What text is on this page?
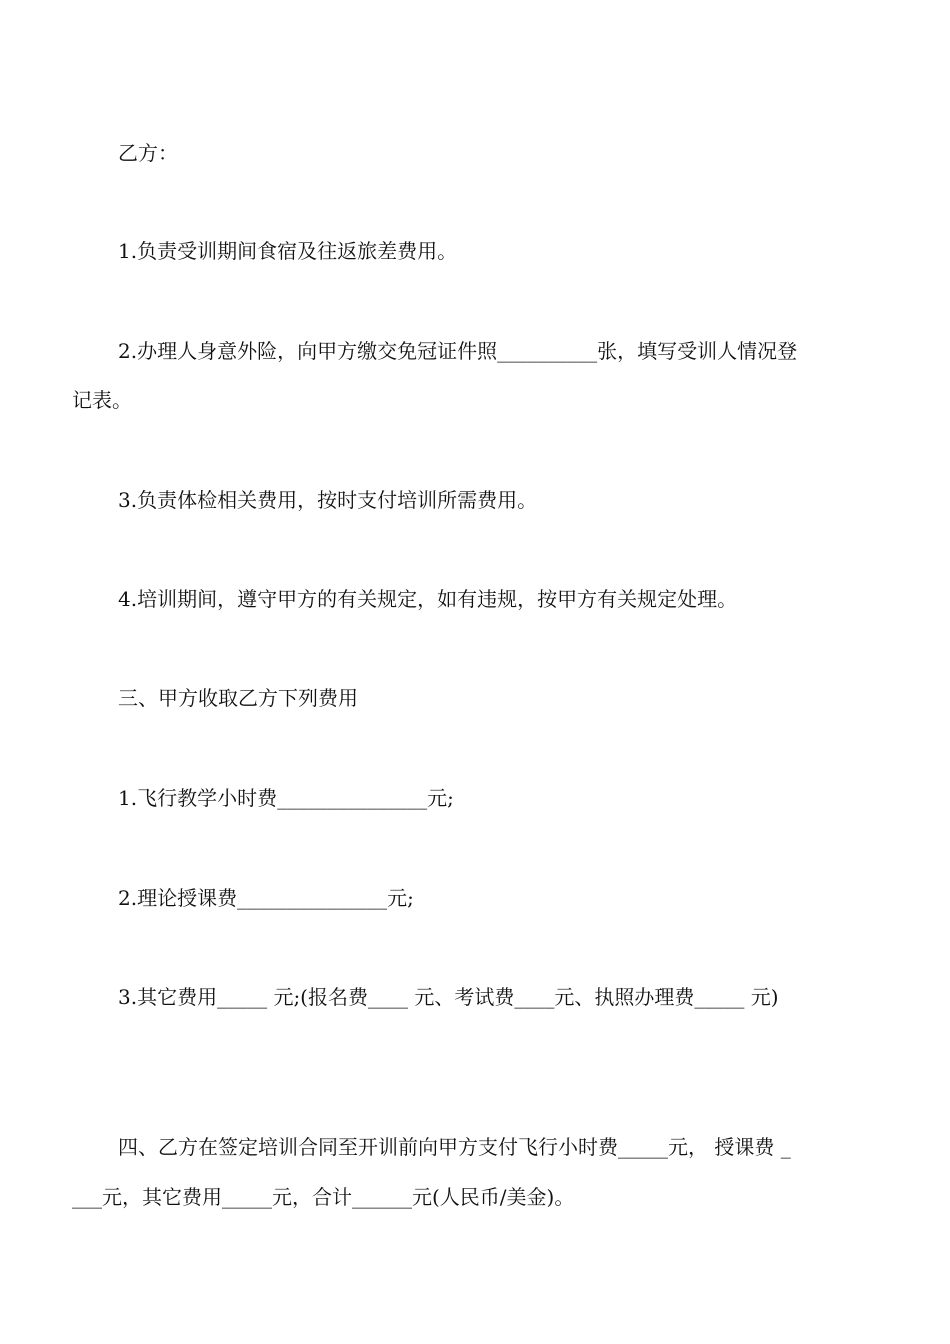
乙方：
1.负责受训期间食宿及往返旅差费用。
2.办理人身意外险，向甲方缴交免冠证件照__________张，填写受训人情况登
记表。
3.负责体检相关费用，按时支付培训所需费用。
4.培训期间，遵守甲方的有关规定，如有违规，按甲方有关规定处理。
三、甲方收取乙方下列费用
1.飞行教学小时费_______________元;
2.理论授课费_______________元;
3.其它费用_____ 元;(报名费____ 元、考试费____元、执照办理费_____ 元)
四、乙方在签定培训合同至开训前向甲方支付飞行小时费_____元， 授课费 _
___元，其它费用_____元，合计______元(人民币/美金)。
